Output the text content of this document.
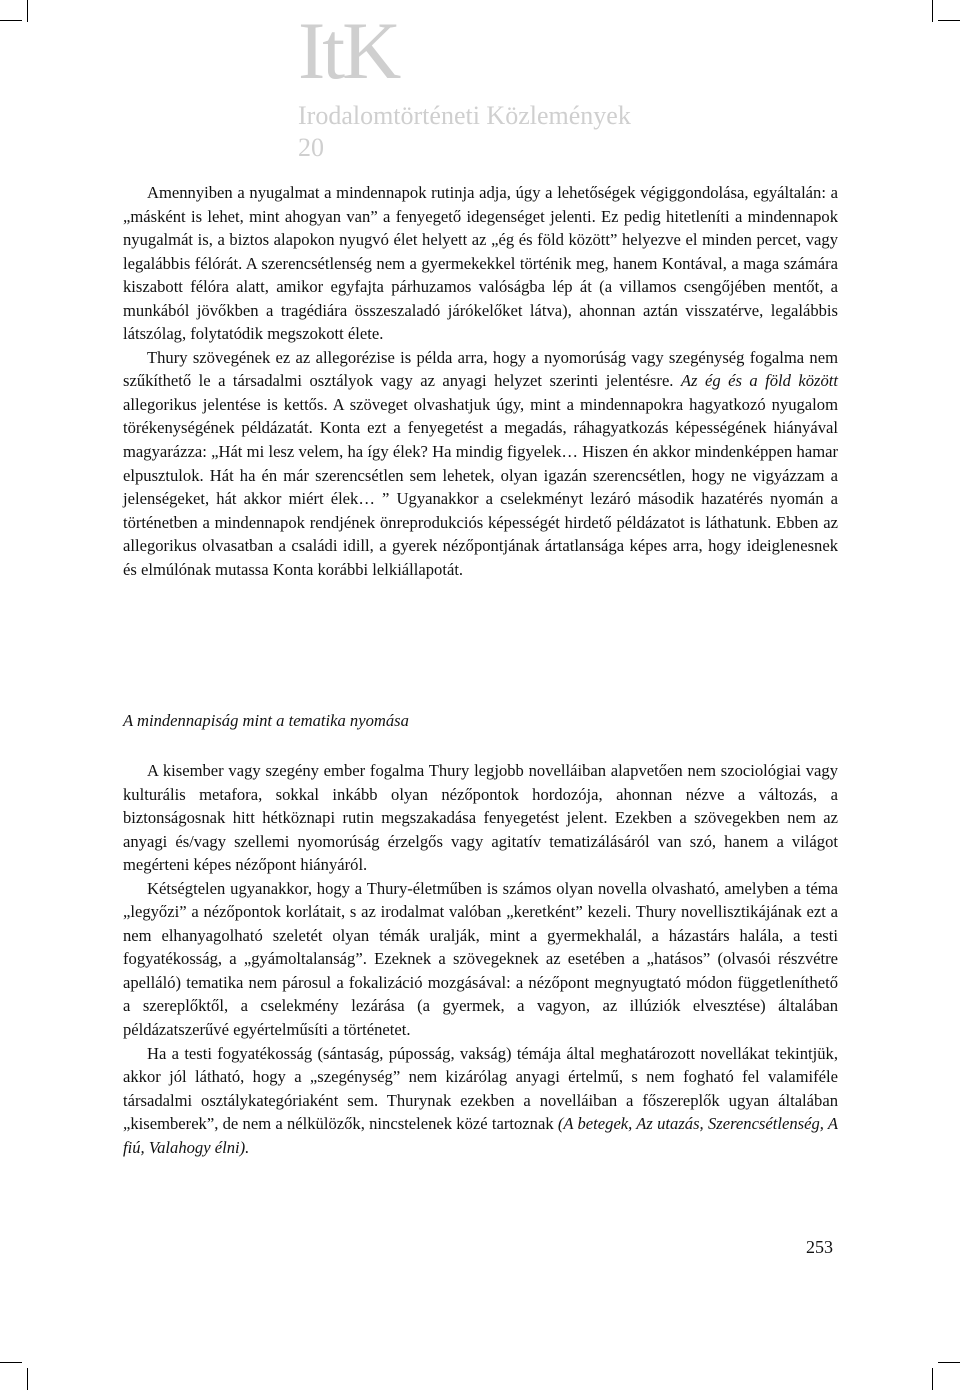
ItK
Irodalomtörténeti Közlemények
20

Amennyiben a nyugalmat a mindennapok rutinja adja, úgy a lehetőségek végiggondolása, egyáltalán: a „másként is lehet, mint ahogyan van” a fenyegető idegenséget jelenti. Ez pedig hitetleníti a mindennapok nyugalmát is, a biztos alapokon nyugvó élet helyett az „ég és föld között” helyezve el minden percet, vagy legalábbis félórát. A szerencsétlenség nem a gyermekekkel történik meg, hanem Kontával, a maga számára kiszabott félóra alatt, amikor egyfajta párhuzamos valóságba lép át (a villamos csengőjében mentőt, a munkából jövőkben a tragédiára összeszaladó járókelőket látva), ahonnan aztán visszatérve, legalábbis látszólag, folytatódik megszokott élete.

Thury szövegének ez az allegorézise is példa arra, hogy a nyomorúság vagy szegénység fogalma nem szűkíthető le a társadalmi osztályok vagy az anyagi helyzet szerinti jelentésre. Az ég és a föld között allegorikus jelentése is kettős. A szöveget olvashatjuk úgy, mint a mindennapokra hagyatkozó nyugalom törékenységének példázatát. Konta ezt a fenyegetést a megadás, ráhagyatkozás képességének hiányával magyarázza: „Hát mi lesz velem, ha így élek? Ha mindig figyelek… Hiszen én akkor mindenképpen hamar elpusztulok. Hát ha én már szerencsétlen sem lehetek, olyan igazán szerencsétlen, hogy ne vigyázzam a jelenségeket, hát akkor miért élek… ” Ugyanakkor a cselekményt lezáró második hazatérés nyomán a történetben a mindennapok rendjének önreprodukciós képességét hirdető példázatot is láthatunk. Ebben az allegorikus olvasatban a családi idill, a gyerek nézőpontjának ártatlansága képes arra, hogy ideiglenesnek és elmúlónak mutassa Konta korábbi lelkiállapotát.

A mindennapiság mint a tematika nyomása

A kisember vagy szegény ember fogalma Thury legjobb novelláiban alapvetően nem szociológiai vagy kulturális metafora, sokkal inkább olyan nézőpontok hordozója, ahonnan nézve a változás, a biztonságosnak hitt hétköznapi rutin megszakadása fenyegetést jelent. Ezekben a szövegekben nem az anyagi és/vagy szellemi nyomorúság érzelgős vagy agitatív tematizálásáról van szó, hanem a világot megérteni képes nézőpont hiányáról.

Kétségtelen ugyanakkor, hogy a Thury-életműben is számos olyan novella olvasható, amelyben a téma „legyőzi” a nézőpontok korlátait, s az irodalmat valóban „keretként” kezeli. Thury novellisztikájának ezt a nem elhanyagolható szeletét olyan témák uralják, mint a gyermekhalál, a házastárs halála, a testi fogyatékosság, a „gyámoltalanság”. Ezeknek a szövegeknek az esetében a „hatásos” (olvasói részvétre apelláló) tematika nem párosul a fokalizáció mozgásával: a nézőpont megnyugtató módon függetleníthető a szereplőktől, a cselekmény lezárása (a gyermek, a vagyon, az illúziók elvesztése) általában példázatszerűvé egyértelműsíti a történetet.

Ha a testi fogyatékosság (sántaság, púposság, vakság) témája által meghatározott novellákat tekintjük, akkor jól látható, hogy a „szegénység” nem kizárólag anyagi értelmű, s nem fogható fel valamiféle társadalmi osztálykategóriaként sem. Thurynak ezekben a novelláiban a főszereplők ugyan általában „kisemberek”, de nem a nélkülözők, nincstelenek közé tartoznak (A betegek, Az utazás, Szerencsétlenség, A fiú, Valahogy élni).

253
